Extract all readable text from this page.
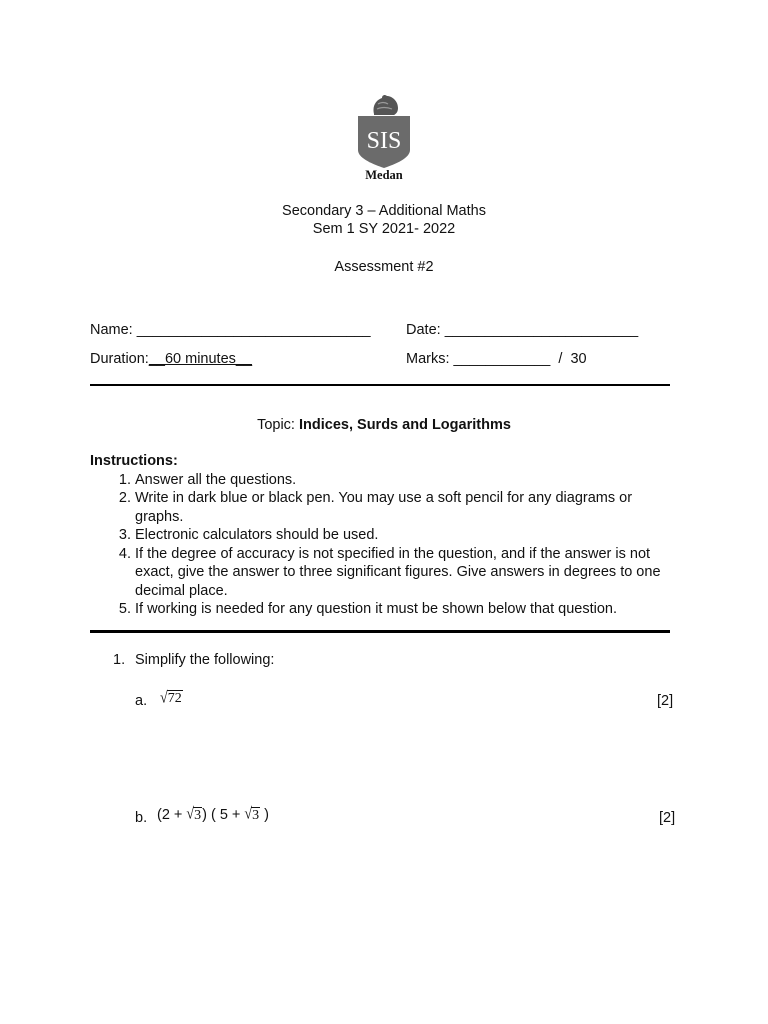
SIS
Medan
Secondary 3 – Additional Maths
Sem 1 SY 2021- 2022
Assessment #2
Name: _____________________________ Date: ________________________
Duration:__60 minutes__	Marks: ____________  /  30
Topic: Indices, Surds and Logarithms
Instructions:
1. Answer all the questions.
2. Write in dark blue or black pen. You may use a soft pencil for any diagrams or graphs.
3. Electronic calculators should be used.
4. If the degree of accuracy is not specified in the question, and if the answer is not exact, give the answer to three significant figures. Give answers in degrees to one decimal place.
5. If working is needed for any question it must be shown below that question.
1. Simplify the following:
a. √ 72	[2]
b. (2 + √ 3 ) ( 5 + √ 3 )	[2]
